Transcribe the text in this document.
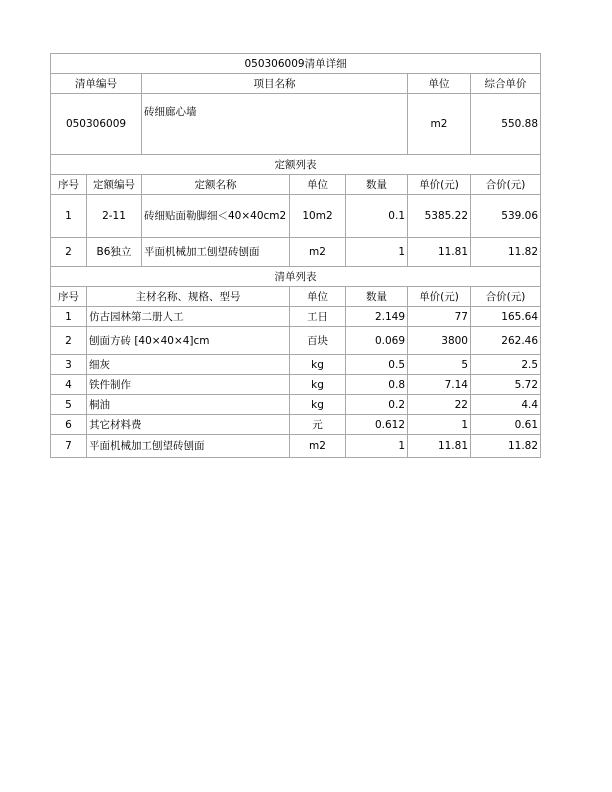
050306009清单详细						
清单编号		项目名称			单位	综合单价
050306009		砖细廊心墙			m2	550.88
定额列表						
序号	定额编号	定额名称	单位	数量	单价(元)	合价(元)
1	2-11	砖细贴面勒脚细＜40×40cm2	10m2	0.1	5385.22	539.06
2	B6独立	平面机械加工刨望砖刨面	m2	1	11.81	11.82
清单列表						
序号	主材名称、规格、型号		单位	数量	单价(元)	合价(元)
1	仿古园林第二册人工		工日	2.149	77	165.64
2	刨面方砖 [40×40×4]cm		百块	0.069	3800	262.46
3	细灰		kg	0.5	5	2.5
4	铁件制作		kg	0.8	7.14	5.72
5	桐油		kg	0.2	22	4.4
6	其它材料费		元	0.612	1	0.61
7	平面机械加工刨望砖刨面		m2	1	11.81	11.82
